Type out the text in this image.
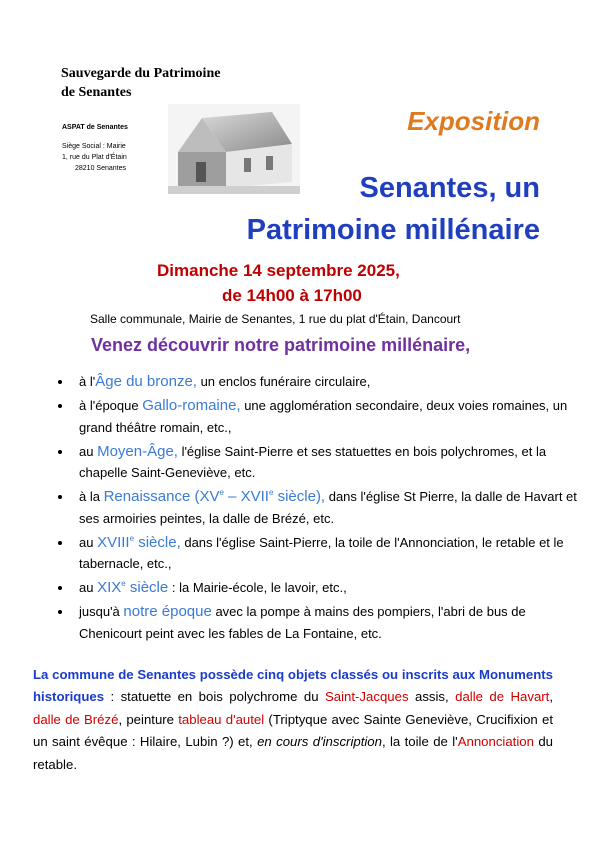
Sauvegarde du Patrimoine
de Senantes
ASPAT de Senantes
Siège Social : Mairie
1, rue du Plat d'Étain
28210 Senantes
Exposition
Senantes, un
Patrimoine millénaire
Dimanche 14 septembre 2025,
de 14h00 à 17h00
Salle communale, Mairie de Senantes, 1 rue du plat d'Étain, Dancourt
Venez découvrir notre patrimoine millénaire,
• à l'Âge du bronze, un enclos funéraire circulaire,
• à l'époque Gallo-romaine, une agglomération secondaire, deux voies romaines, un grand théâtre romain, etc.,
• au Moyen-Âge, l'église Saint-Pierre et ses statuettes en bois polychromes, et la chapelle Saint-Geneviève, etc.
• à la Renaissance (XVe – XVIIe siècle), dans l'église St Pierre, la dalle de Havart et ses armoiries peintes, la dalle de Brézé, etc.
• au XVIIIe siècle, dans l'église Saint-Pierre, la toile de l'Annonciation, le retable et le tabernacle, etc.,
• au XIXe siècle : la Mairie-école, le lavoir, etc.,
• jusqu'à notre époque avec la pompe à mains des pompiers, l'abri de bus de Chenicourt peint avec les fables de La Fontaine, etc.
La commune de Senantes possède cinq objets classés ou inscrits aux Monuments historiques : statuette en bois polychrome du Saint-Jacques assis, dalle de Havart, dalle de Brézé, peinture tableau d'autel (Triptyque avec Sainte Geneviève, Crucifixion et un saint évêque : Hilaire, Lubin ?) et, en cours d'inscription, la toile de l'Annonciation du retable.
